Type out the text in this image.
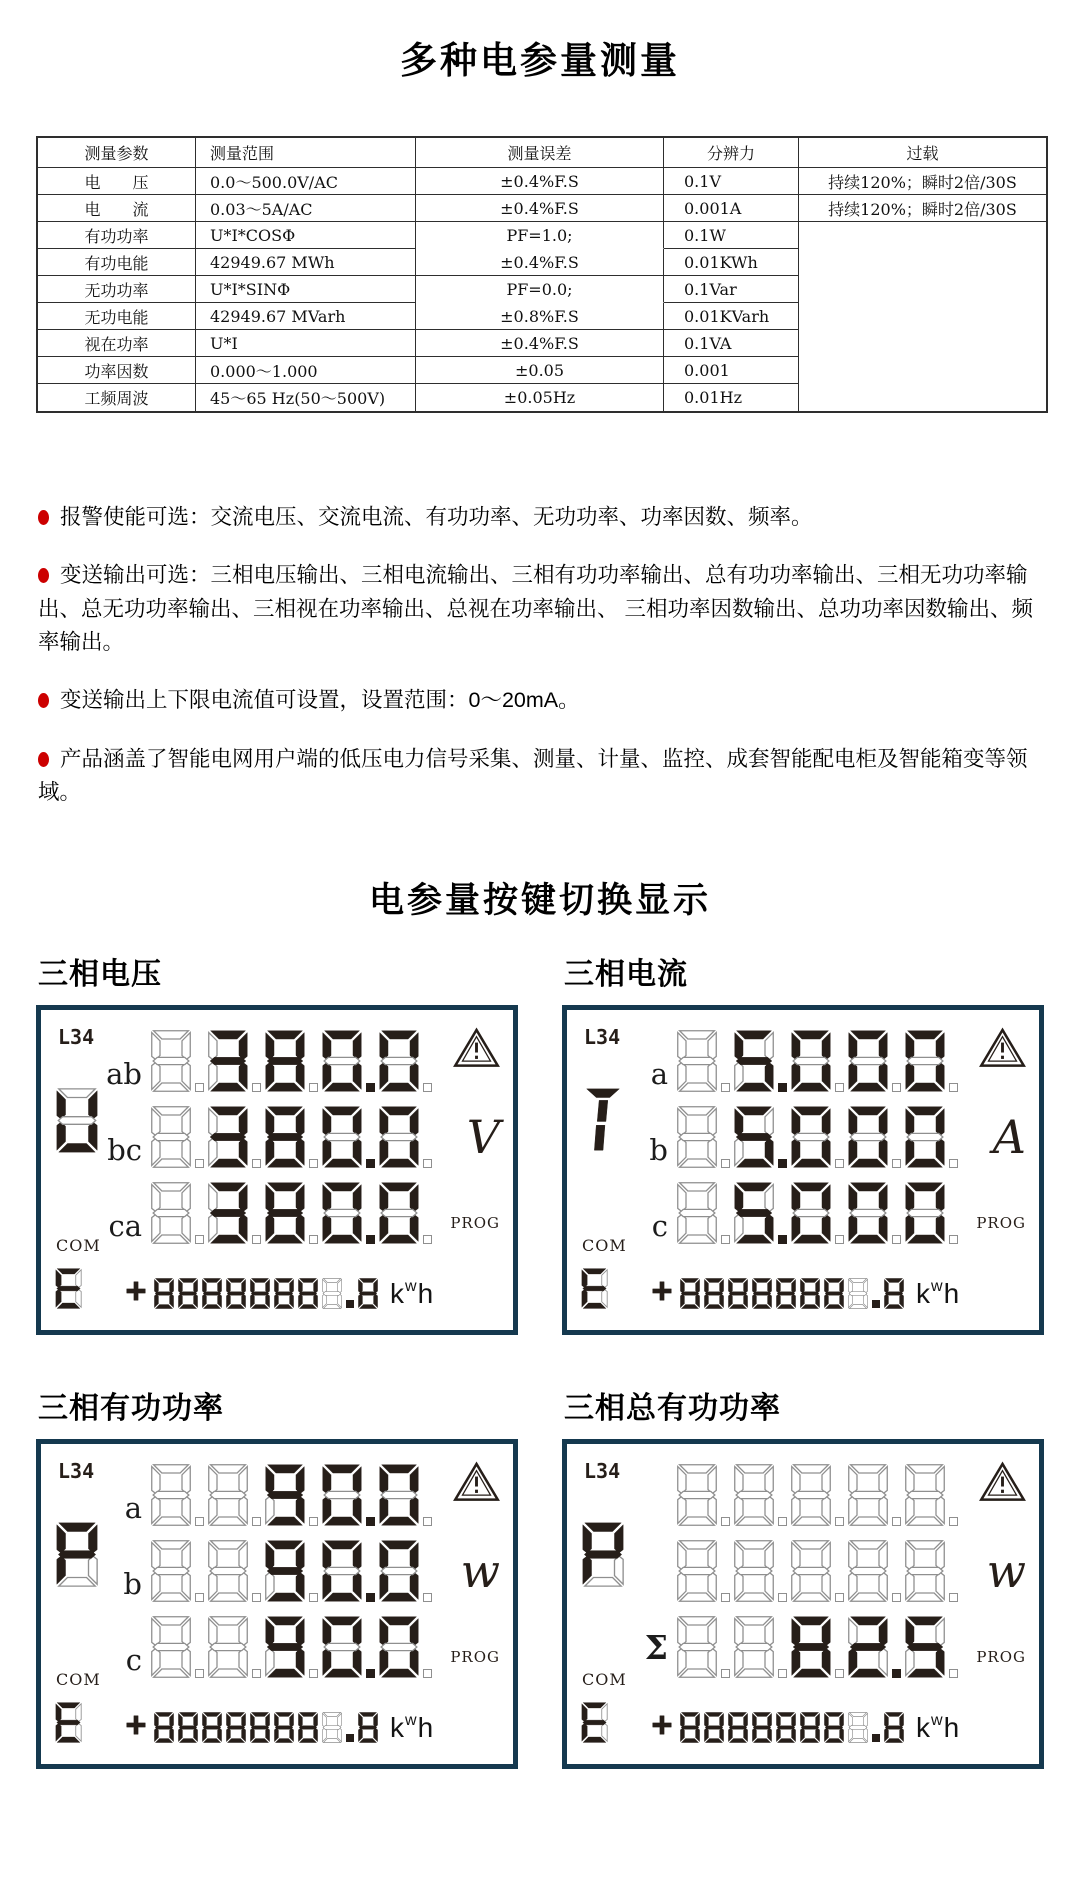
多种电参量测量
测量参数	测量范围	测量误差	分辨力	过载
电　　压	0.0～500.0V/AC	±0.4%F.S	0.1V	持续120%；瞬时2倍/30S
电　　流	0.03～5A/AC	±0.4%F.S	0.001A	持续120%；瞬时2倍/30S
有功功率	U*I*COSΦ	PF=1.0;	0.1W	
有功电能	42949.67 MWh	±0.4%F.S	0.01KWh	
无功功率	U*I*SINΦ	PF=0.0;	0.1Var	
无功电能	42949.67 MVarh	±0.8%F.S	0.01KVarh	
视在功率	U*I	±0.4%F.S	0.1VA	
功率因数	0.000～1.000	±0.05	0.001	
工频周波	45～65 Hz(50～500V)	±0.05Hz	0.01Hz	
报警使能可选：交流电压、交流电流、有功功率、无功功率、功率因数、频率。
变送输出可选：三相电压输出、三相电流输出、三相有功功率输出、总有功功率输出、三相无功功率输出、总无功功率输出、三相视在功率输出、总视在功率输出、 三相功率因数输出、总功功率因数输出、频率输出。
变送输出上下限电流值可设置，设置范围：0～20mA。
产品涵盖了智能电网用户端的低压电力信号采集、测量、计量、监控、成套智能配电柜及智能箱变等领域。
电参量按键切换显示
三相电压
L34
COM
ab
bc
ca
V
PROG
k w h
三相电流
L34
COM
a
b
c
A
PROG
k w h
三相有功功率
L34
COM
a
b
c
w
PROG
k w h
三相总有功功率
L34
COM
Σ
w
PROG
k w h
